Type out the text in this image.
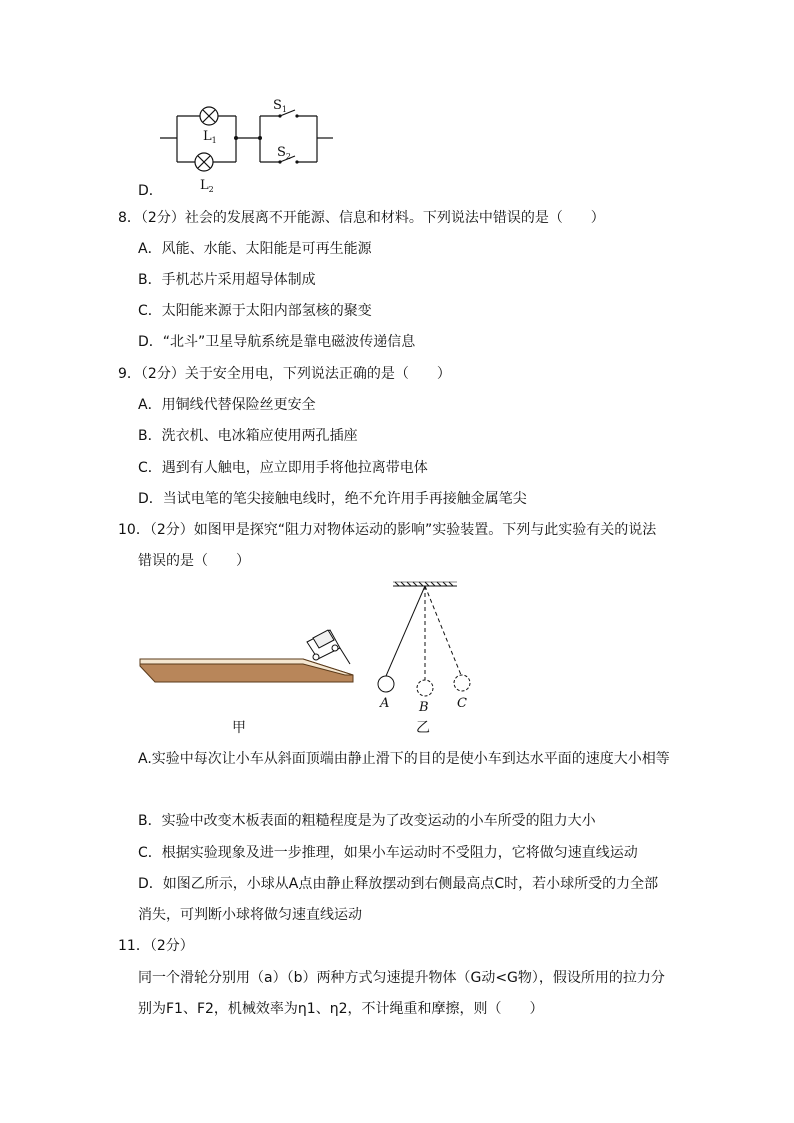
$L_1$
$L_2$
$S_1$
$S_2$
D．
8．（2分）社会的发展离不开能源、信息和材料。下列说法中错误的是（　　）
A．风能、水能、太阳能是可再生能源
B．手机芯片采用超导体制成
C．太阳能来源于太阳内部氢核的聚变
D．“北斗”卫星导航系统是靠电磁波传递信息
9．（2分）关于安全用电，下列说法正确的是（　　）
A．用铜线代替保险丝更安全
B．洗衣机、电冰箱应使用两孔插座
C．遇到有人触电，应立即用手将他拉离带电体
D．当试电笔的笔尖接触电线时，绝不允许用手再接触金属笔尖
10．（2分）如图甲是探究“阻力对物体运动的影响”实验装置。下列与此实验有关的说法
错误的是（　　）
A B C
甲	乙
A.实验中每次让小车从斜面顶端由静止滑下的目的是使小车到达水平面的速度大小相等
B．实验中改变木板表面的粗糙程度是为了改变运动的小车所受的阻力大小
C．根据实验现象及进一步推理，如果小车运动时不受阻力，它将做匀速直线运动
D．如图乙所示，小球从A点由静止释放摆动到右侧最高点C时，若小球所受的力全部
消失，可判断小球将做匀速直线运动
11．（2分）
同一个滑轮分别用（a）（b）两种方式匀速提升物体（G动<G物），假设所用的拉力分
别为F1、F2，机械效率为η1、η2，不计绳重和摩擦，则（　　）
